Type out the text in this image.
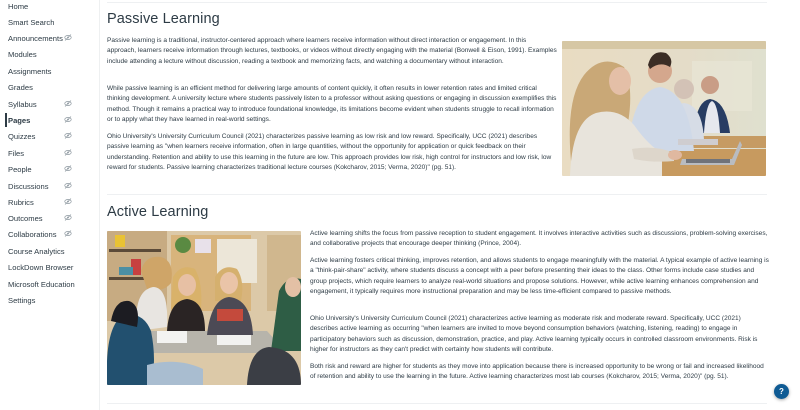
Home
Smart Search
Announcements
Modules
Assignments
Grades
Syllabus
Pages
Quizzes
Files
People
Discussions
Rubrics
Outcomes
Collaborations
Course Analytics
LockDown Browser
Microsoft Education
Settings
Passive Learning

Passive learning is a traditional, instructor-centered approach where learners receive information without direct interaction or engagement. In this approach, learners receive information through lectures, textbooks, or videos without directly engaging with the material (Bonwell & Eison, 1991). Examples include attending a lecture without discussion, reading a textbook and memorizing facts, and watching a documentary without interaction.

While passive learning is an efficient method for delivering large amounts of content quickly, it often results in lower retention rates and limited critical thinking development. A university lecture where students passively listen to a professor without asking questions or engaging in discussion exemplifies this method. Though it remains a practical way to introduce foundational knowledge, its limitations become evident when students struggle to recall information or to apply what they have learned in real-world settings.

Ohio University's University Curriculum Council (2021) characterizes passive learning as low risk and low reward. Specifically, UCC (2021) describes passive learning as "when learners receive information, often in large quantities, without the opportunity for application or quick feedback on their understanding. Retention and ability to use this learning in the future are low. This approach provides low risk, high control for instructors and low risk, low reward for students. Passive learning characterizes traditional lecture courses (Kokcharov, 2015; Verma, 2020)" (pg. 51).

Active Learning

Active learning shifts the focus from passive reception to student engagement. It involves interactive activities such as discussions, problem-solving exercises, and collaborative projects that encourage deeper thinking (Prince, 2004).

Active learning fosters critical thinking, improves retention, and allows students to engage meaningfully with the material. A typical example of active learning is a "think-pair-share" activity, where students discuss a concept with a peer before presenting their ideas to the class. Other forms include case studies and group projects, which require learners to analyze real-world situations and propose solutions. However, while active learning enhances comprehension and engagement, it typically requires more instructional preparation and may be less time-efficient compared to passive methods.

Ohio University's University Curriculum Council (2021) characterizes active learning as moderate risk and moderate reward. Specifically, UCC (2021) describes active learning as occurring "when learners are invited to move beyond consumption behaviors (watching, listening, reading) to engage in participatory behaviors such as discussion, demonstration, practice, and play. Active learning typically occurs in controlled classroom environments. Risk is higher for instructors as they can't predict with certainty how students will contribute.

Both risk and reward are higher for students as they move into application because there is increased opportunity to be wrong or fail and increased likelihood of retention and ability to use the learning in the future. Active learning characterizes most lab courses (Kokcharov, 2015; Verma, 2020)" (pg. 51).

?
